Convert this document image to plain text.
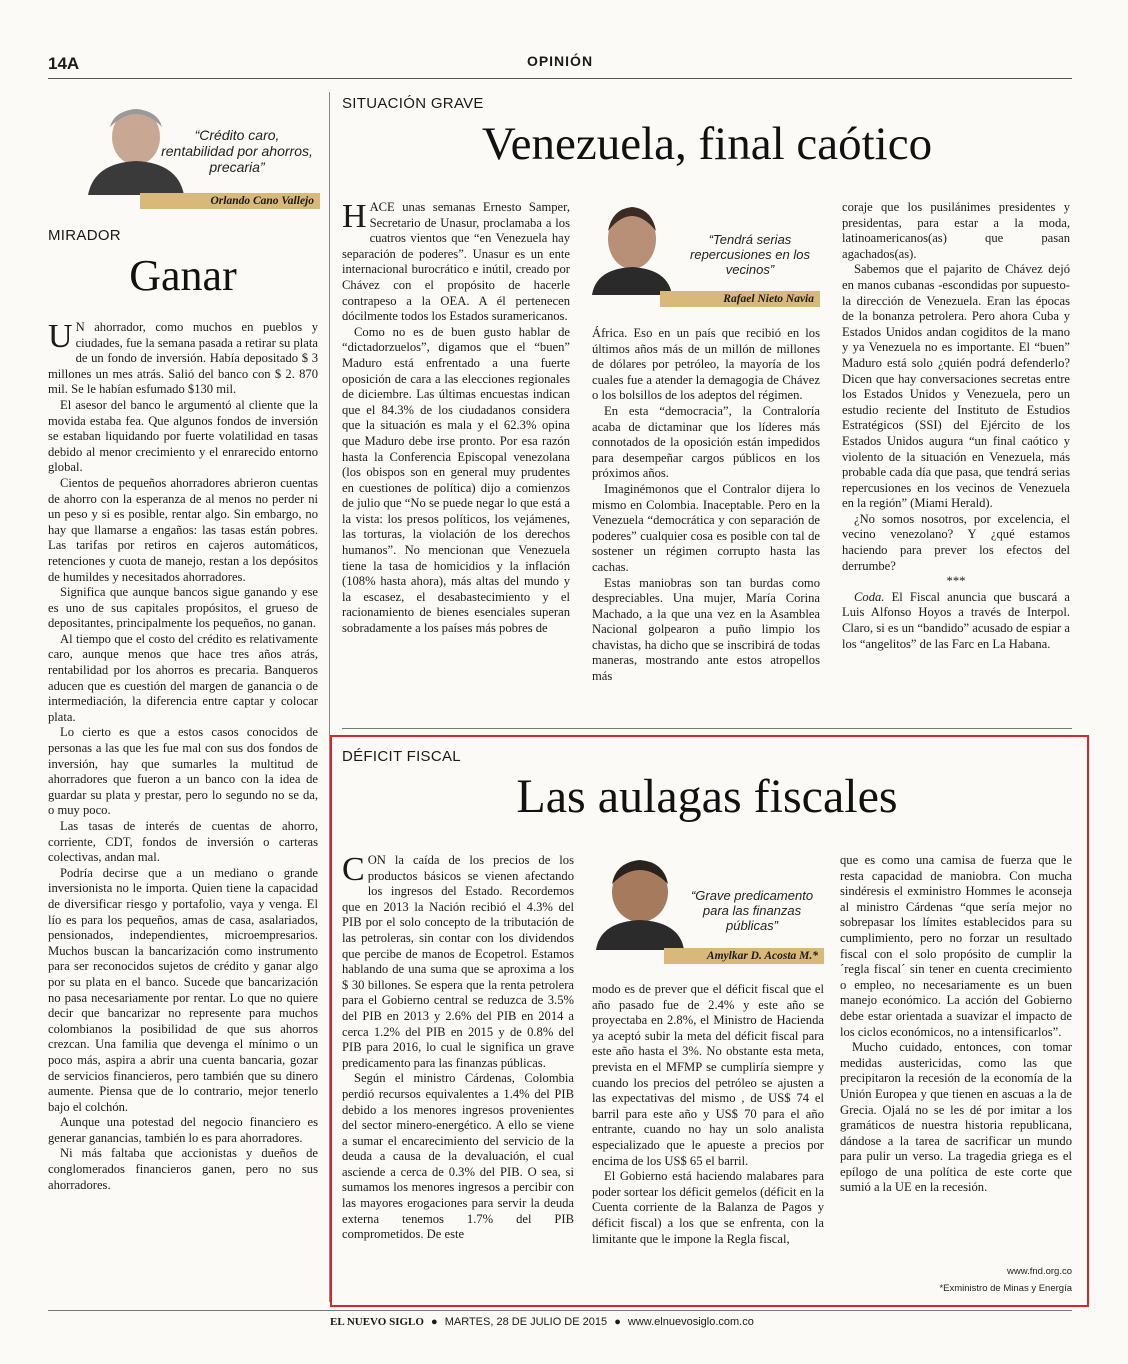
14A	OPINIÓN
“Crédito caro, rentabilidad por ahorros, precaria”
Orlando Cano Vallejo
MIRADOR
Ganar

U N ahorrador, como muchos en pueblos y ciudades, fue la semana pasada a retirar su plata de un fondo de inversión. Había depositado $ 3 millones un mes atrás. Salió del banco con $ 2. 870 mil. Se le habían esfumado $130 mil.

El asesor del banco le argumentó al cliente que la movida estaba fea. Que algunos fondos de inversión se estaban liquidando por fuerte volatilidad en tasas debido al menor crecimiento y el enrarecido entorno global.

Cientos de pequeños ahorradores abrieron cuentas de ahorro con la esperanza de al menos no perder ni un peso y si es posible, rentar algo. Sin embargo, no hay que llamarse a engaños: las tasas están pobres. Las tarifas por retiros en cajeros automáticos, retenciones y cuota de manejo, restan a los depósitos de humildes y necesitados ahorradores.

Significa que aunque bancos sigue ganando y ese es uno de sus capitales propósitos, el grueso de depositantes, principalmente los pequeños, no ganan.

Al tiempo que el costo del crédito es relativamente caro, aunque menos que hace tres años atrás, rentabilidad por los ahorros es precaria. Banqueros aducen que es cuestión del margen de ganancia o de intermediación, la diferencia entre captar y colocar plata.

Lo cierto es que a estos casos conocidos de personas a las que les fue mal con sus dos fondos de inversión, hay que sumarles la multitud de ahorradores que fueron a un banco con la idea de guardar su plata y prestar, pero lo segundo no se da, o muy poco.

Las tasas de interés de cuentas de ahorro, corriente, CDT, fondos de inversión o carteras colectivas, andan mal.

Podría decirse que a un mediano o grande inversionista no le importa. Quien tiene la capacidad de diversificar riesgo y portafolio, vaya y venga. El lío es para los pequeños, amas de casa, asalariados, pensionados, independientes, microempresarios. Muchos buscan la bancarización como instrumento para ser reconocidos sujetos de crédito y ganar algo por su plata en el banco. Sucede que bancarización no pasa necesariamente por rentar. Lo que no quiere decir que bancarizar no represente para muchos colombianos la posibilidad de que sus ahorros crezcan. Una familia que devenga el mínimo o un poco más, aspira a abrir una cuenta bancaria, gozar de servicios financieros, pero también que su dinero aumente. Piensa que de lo contrario, mejor tenerlo bajo el colchón.

Aunque una potestad del negocio financiero es generar ganancias, también lo es para ahorradores.

Ni más faltaba que accionistas y dueños de conglomerados financieros ganen, pero no sus ahorradores.

SITUACIÓN GRAVE
Venezuela, final caótico

HACE unas semanas Ernesto Samper, Secretario de Unasur, proclamaba a los cuatros vientos que “en Venezuela hay separación de poderes”. Unasur es un ente internacional burocrático e inútil, creado por Chávez con el propósito de hacerle contrapeso a la OEA. A él pertenecen dócilmente todos los Estados suramericanos.

Como no es de buen gusto hablar de “dictadorzuelos”, digamos que el “buen” Maduro está enfrentado a una fuerte oposición de cara a las elecciones regionales de diciembre. Las últimas encuestas indican que el 84.3% de los ciudadanos considera que la situación es mala y el 62.3% opina que Maduro debe irse pronto. Por esa razón hasta la Conferencia Episcopal venezolana (los obispos son en general muy prudentes en cuestiones de política) dijo a comienzos de julio que “No se puede negar lo que está a la vista: los presos políticos, los vejámenes, las torturas, la violación de los derechos humanos”. No mencionan que Venezuela tiene la tasa de homicidios y la inflación (108% hasta ahora), más altas del mundo y la escasez, el desabastecimiento y el racionamiento de bienes esenciales superan sobradamente a los países más pobres de

“Tendrá serias repercusiones en los vecinos”
Rafael Nieto Navia

África. Eso en un país que recibió en los últimos años más de un millón de millones de dólares por petróleo, la mayoría de los cuales fue a atender la demagogia de Chávez o los bolsillos de los adeptos del régimen.

En esta “democracia”, la Contraloría acaba de dictaminar que los líderes más connotados de la oposición están impedidos para desempeñar cargos públicos en los próximos años.

Imaginémonos que el Contralor dijera lo mismo en Colombia. Inaceptable. Pero en la Venezuela “democrática y con separación de poderes” cualquier cosa es posible con tal de sostener un régimen corrupto hasta las cachas.

Estas maniobras son tan burdas como despreciables. Una mujer, María Corina Machado, a la que una vez en la Asamblea Nacional golpearon a puño limpio los chavistas, ha dicho que se inscribirá de todas maneras, mostrando ante estos atropellos más

coraje que los pusilánimes presidentes y presidentas, para estar a la moda, latinoamericanos(as) que pasan agachados(as).

Sabemos que el pajarito de Chávez dejó en manos cubanas -escondidas por supuesto- la dirección de Venezuela. Eran las épocas de la bonanza petrolera. Pero ahora Cuba y Estados Unidos andan cogiditos de la mano y ya Venezuela no es importante. El “buen” Maduro está solo ¿quién podrá defenderlo? Dicen que hay conversaciones secretas entre los Estados Unidos y Venezuela, pero un estudio reciente del Instituto de Estudios Estratégicos (SSI) del Ejército de los Estados Unidos augura “un final caótico y violento de la situación en Venezuela, más probable cada día que pasa, que tendrá serias repercusiones en los vecinos de Venezuela en la región” (Miami Herald).

¿No somos nosotros, por excelencia, el vecino venezolano? Y ¿qué estamos haciendo para prever los efectos del derrumbe?

***

Coda. El Fiscal anuncia que buscará a Luis Alfonso Hoyos a través de Interpol. Claro, si es un “bandido” acusado de espiar a los “angelitos” de las Farc en La Habana.

DÉFICIT FISCAL
Las aulagas fiscales

CON la caída de los precios de los productos básicos se vienen afectando los ingresos del Estado. Recordemos que en 2013 la Nación recibió el 4.3% del PIB por el solo concepto de la tributación de las petroleras, sin contar con los dividendos que percibe de manos de Ecopetrol. Estamos hablando de una suma que se aproxima a los $ 30 billones. Se espera que la renta petrolera para el Gobierno central se reduzca de 3.5% del PIB en 2013 y 2.6% del PIB en 2014 a cerca 1.2% del PIB en 2015 y de 0.8% del PIB para 2016, lo cual le significa un grave predicamento para las finanzas públicas.

Según el ministro Cárdenas, Colombia perdió recursos equivalentes a 1.4% del PIB debido a los menores ingresos provenientes del sector minero-energético. A ello se viene a sumar el encarecimiento del servicio de la deuda a causa de la devaluación, el cual asciende a cerca de 0.3% del PIB. O sea, si sumamos los menores ingresos a percibir con las mayores erogaciones para servir la deuda externa tenemos 1.7% del PIB comprometidos. De este

“Grave predicamento para las finanzas públicas”
Amylkar D. Acosta M.*

modo es de prever que el déficit fiscal que el año pasado fue de 2.4% y este año se proyectaba en 2.8%, el Ministro de Hacienda ya aceptó subir la meta del déficit fiscal para este año hasta el 3%. No obstante esta meta, prevista en el MFMP se cumpliría siempre y cuando los precios del petróleo se ajusten a las expectativas del mismo , de US$ 74 el barril para este año y US$ 70 para el año entrante, cuando no hay un solo analista especializado que le apueste a precios por encima de los US$ 65 el barril.

El Gobierno está haciendo malabares para poder sortear los déficit gemelos (déficit en la Cuenta corriente de la Balanza de Pagos y déficit fiscal) a los que se enfrenta, con la limitante que le impone la Regla fiscal,

que es como una camisa de fuerza que le resta capacidad de maniobra. Con mucha sindéresis el exministro Hommes le aconseja al ministro Cárdenas “que sería mejor no sobrepasar los límites establecidos para su cumplimiento, pero no forzar un resultado fiscal con el solo propósito de cumplir la ´regla fiscal´ sin tener en cuenta crecimiento o empleo, no necesariamente es un buen manejo económico. La acción del Gobierno debe estar orientada a suavizar el impacto de los ciclos económicos, no a intensificarlos”.

Mucho cuidado, entonces, con tomar medidas austericidas, como las que precipitaron la recesión de la economía de la Unión Europea y que tienen en ascuas a la de Grecia. Ojalá no se les dé por imitar a los gramáticos de nuestra historia republicana, dándose a la tarea de sacrificar un mundo para pulir un verso. La tragedia griega es el epílogo de una política de este corte que sumió a la UE en la recesión.

www.fnd.org.co
*Exministro de Minas y Energía
EL NUEVO SIGLO ● MARTES, 28 DE JULIO DE 2015 ● www.elnuevosiglo.com.co
